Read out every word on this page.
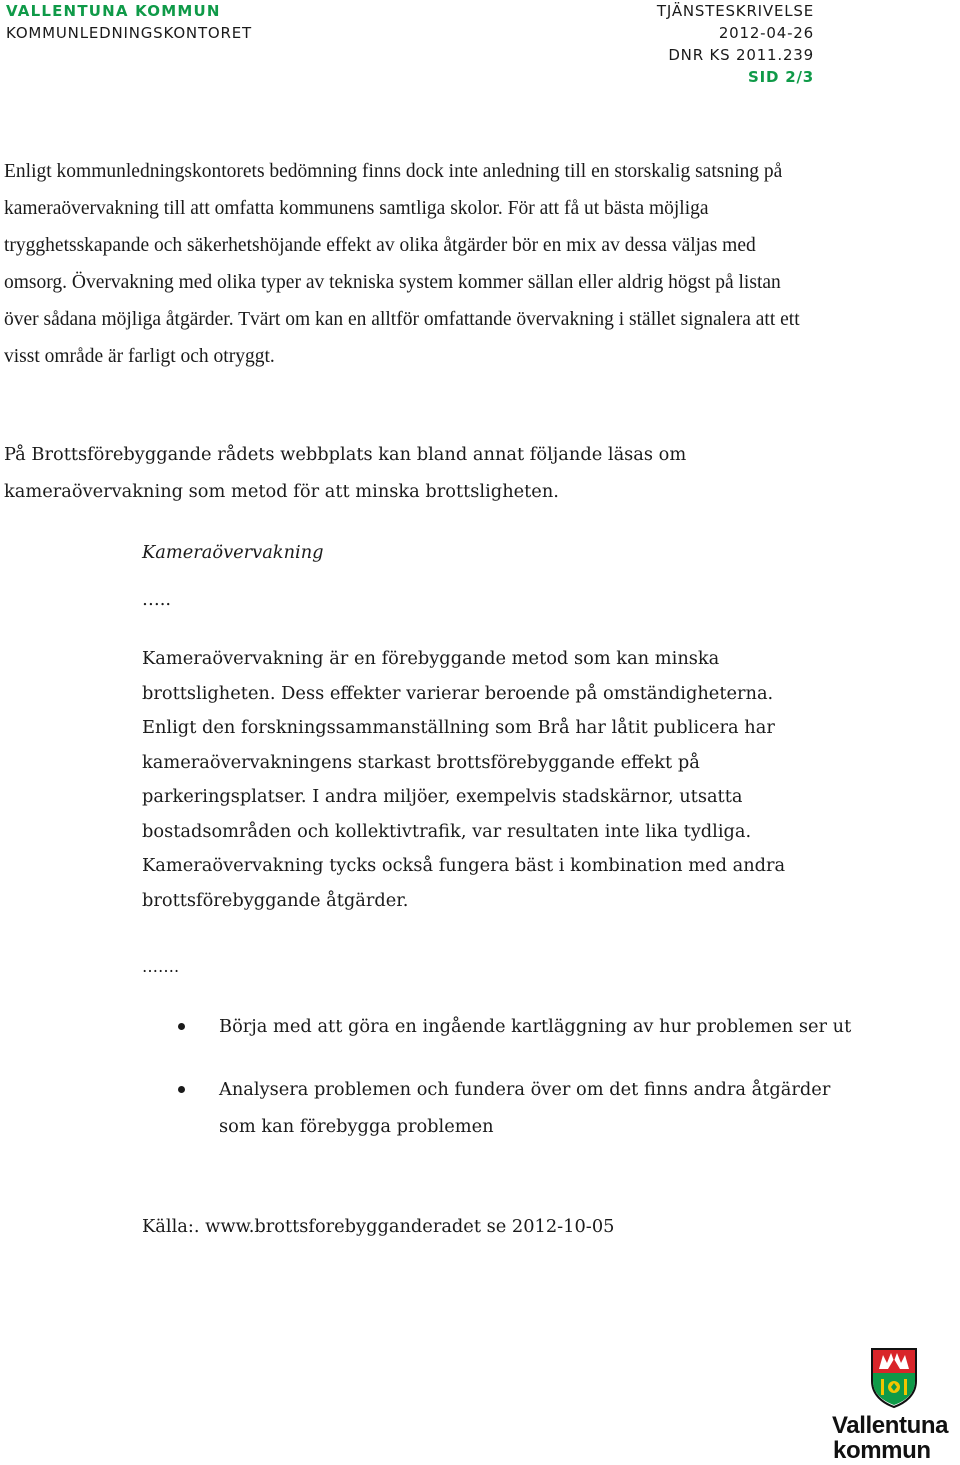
VALLENTUNA KOMMUN
KOMMUNLEDNINGSKONTORET
TJÄNSTESKRIVELSE
2012-04-26
DNR KS 2011.239
SID 2/3
Enligt kommunledningskontorets bedömning finns dock inte anledning till en storskalig satsning på kameraövervakning till att omfatta kommunens samtliga skolor. För att få ut bästa möjliga trygghetsskapande och säkerhetshöjande effekt av olika åtgärder bör en mix av dessa väljas med omsorg. Övervakning med olika typer av tekniska system kommer sällan eller aldrig högst på listan över sådana möjliga åtgärder. Tvärt om kan en alltför omfattande övervakning i stället signalera att ett visst område är farligt och otryggt.
På Brottsförebyggande rådets webbplats kan bland annat följande läsas om kameraövervakning som metod för att minska brottsligheten.
Kameraövervakning
…..
Kameraövervakning är en förebyggande metod som kan minska brottsligheten. Dess effekter varierar beroende på omständigheterna. Enligt den forskningssammanställning som Brå har låtit publicera har kameraövervakningens starkast brottsförebyggande effekt på parkeringsplatser. I andra miljöer, exempelvis stadskärnor, utsatta bostadsområden och kollektivtrafik, var resultaten inte lika tydliga. Kameraövervakning tycks också fungera bäst i kombination med andra brottsförebyggande åtgärder.
…….
Börja med att göra en ingående kartläggning av hur problemen ser ut
Analysera problemen och fundera över om det finns andra åtgärder som kan förebygga problemen
Källa:. www.brottsforebygganderadet se 2012-10-05
Vallentuna
kommun
